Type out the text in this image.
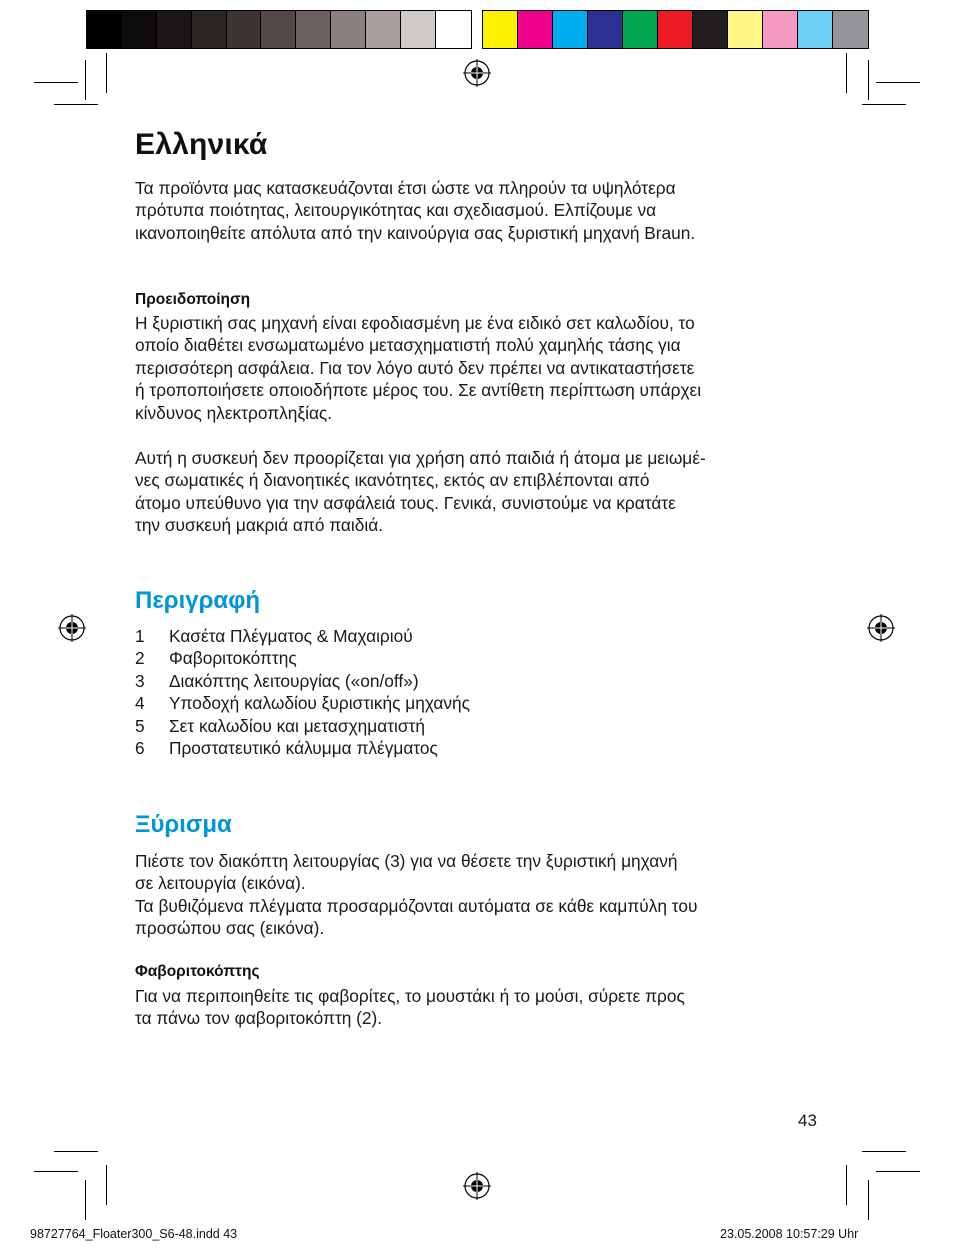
Ελληνικά

Τα προϊόντα μας κατασκευάζονται έτσι ώστε να πληρούν τα υψηλότερα

πρότυπα ποιότητας, λειτουργικότητας και σχεδιασμού. Ελπίζουμε να

ικανοποιηθείτε απόλυτα από την καινούργια σας ξυριστική μηχανή Braun.

Προειδοποίηση

Η ξυριστική σας μηχανή είναι εφοδιασμένη με ένα ειδικό σετ καλωδίου, το

οποίο διαθέτει ενσωματωμένο μετασχηματιστή πολύ χαμηλής τάσης για

περισσότερη ασφάλεια. Για τον λόγο αυτό δεν πρέπει να αντικαταστήσετε

ή τροποποιήσετε οποιοδήποτε μέρος του. Σε αντίθετη περίπτωση υπάρχει

κίνδυνος ηλεκτροπληξίας.

Αυτή η συσκευή δεν προορίζεται για χρήση από παιδιά ή άτομα με μειωμέ-

νες σωματικές ή διανοητικές ικανότητες, εκτός αν επιβλέπονται από

άτομο υπεύθυνο για την ασφάλειά τους. Γενικά, συνιστούμε να κρατάτε

την συσκευή μακριά από παιδιά.

Περιγραφή
1	Κασέτα Πλέγματος & Μαχαιριού
2	Φαβοριτοκόπτης
3	Διακόπτης λειτουργίας («on/off»)
4	Υποδοχή καλωδίου ξυριστικής μηχανής
5	Σετ καλωδίου και μετασχηματιστή
6	Προστατευτικό κάλυμμα πλέγματος
Ξύρισμα

Πιέστε τον διακόπτη λειτουργίας (3) για να θέσετε την ξυριστική μηχανή

σε λειτουργία (εικόνα).

Τα βυθιζόμενα πλέγματα προσαρμόζονται αυτόματα σε κάθε καμπύλη του

προσώπου σας (εικόνα).

Φαβοριτοκόπτης

Για να περιποιηθείτε τις φαβορίτες, το μουστάκι ή το μούσι, σύρετε προς

τα πάνω τον φαβοριτοκόπτη (2).

43
98727764_Floater300_S6-48.indd 43	23.05.2008 10:57:29 Uhr
